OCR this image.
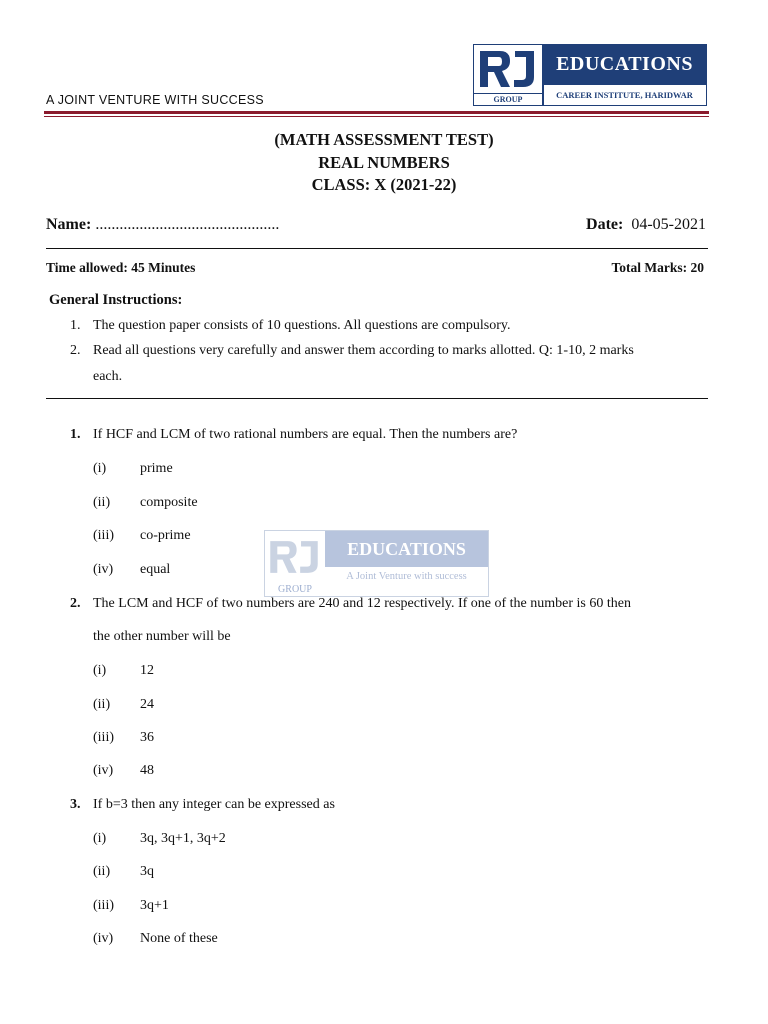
A JOINT VENTURE WITH SUCCESS	GROUP
EDUCATIONS
CAREER INSTITUTE, HARIDWAR
(MATH ASSESSMENT TEST)
REAL NUMBERS
CLASS: X (2021-22)
Name: ..............................................	Date: 04-05-2021
Time allowed: 45 Minutes	Total Marks: 20
General Instructions:
1. The question paper consists of 10 questions. All questions are compulsory.
2. Read all questions very carefully and answer them according to marks allotted. Q: 1-10, 2 marks
each.
GROUP
EDUCATIONS
A Joint Venture with success
1. If HCF and LCM of two rational numbers are equal. Then the numbers are?
(i) prime
(ii) composite
(iii) co-prime
(iv) equal
2. The LCM and HCF of two numbers are 240 and 12 respectively. If one of the number is 60 then
the other number will be
(i) 12
(ii) 24
(iii) 36
(iv) 48
3. If b=3 then any integer can be expressed as
(i) 3q, 3q+1, 3q+2
(ii) 3q
(iii) 3q+1
(iv) None of these
